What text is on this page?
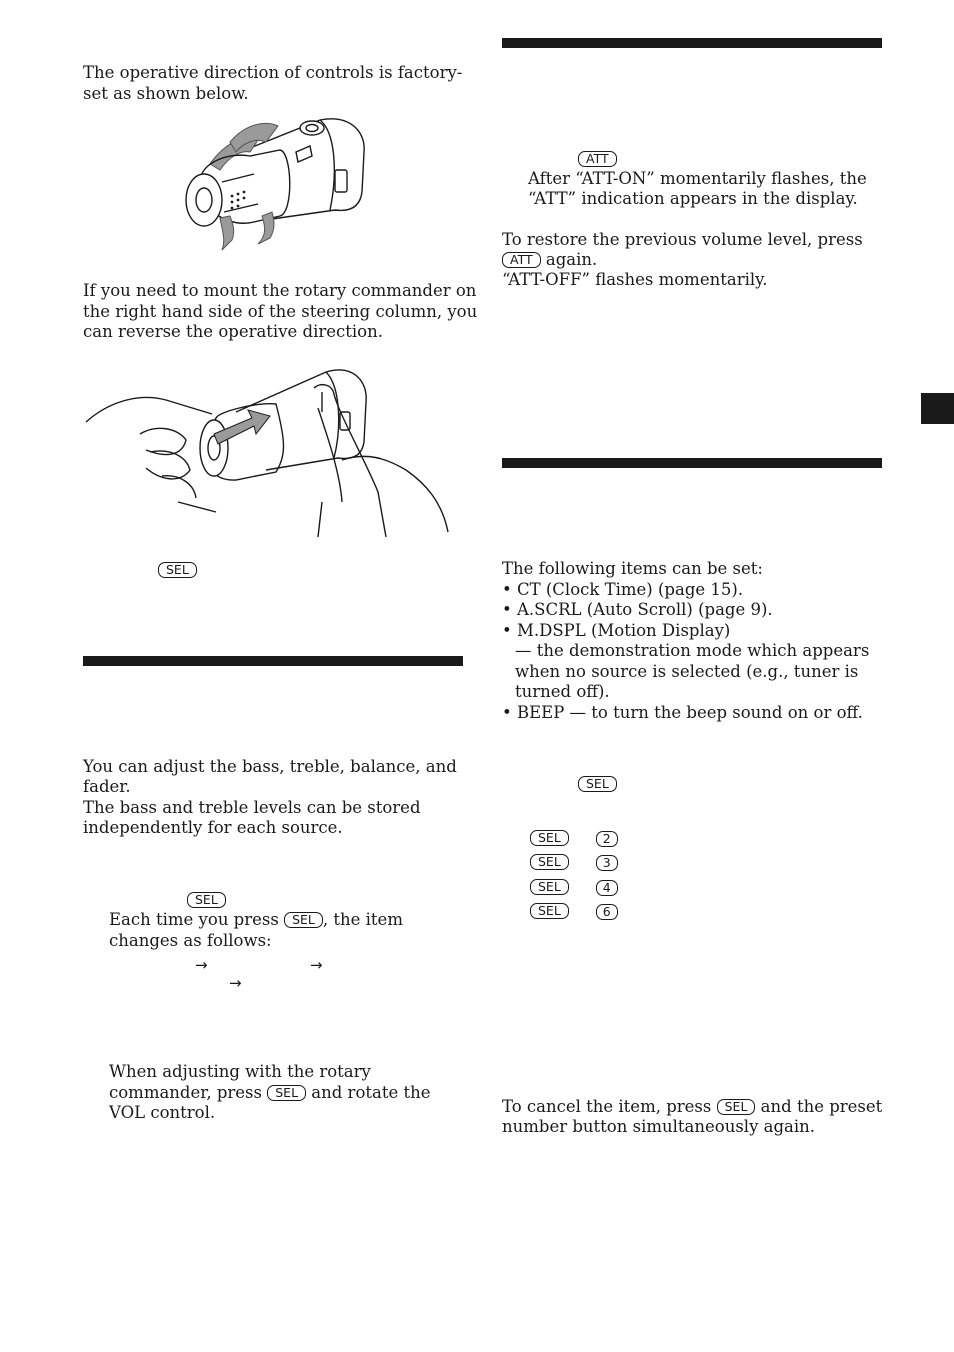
The operative direction of controls is factory-
set as shown below.
If you need to mount the rotary commander on
the right hand side of the steering column, you
can reverse the operative direction.
SEL
You can adjust the bass, treble, balance, and
fader.
The bass and treble levels can be stored
independently for each source.
SEL
Each time you press SEL , the item
changes as follows:
→	→
→
When adjusting with the rotary
commander, press SEL and rotate the
VOL control.
ATT
After “ATT-ON” momentarily flashes, the
“ATT” indication appears in the display.
To restore the previous volume level, press
ATT again.
“ATT-OFF” flashes momentarily.
The following items can be set:
• CT (Clock Time) (page 15).
• A.SCRL (Auto Scroll) (page 9).
• M.DSPL (Motion Display)
— the demonstration mode which appears
when no source is selected (e.g., tuner is
turned off).
• BEEP — to turn the beep sound on or off.
SEL
SEL	2
SEL	3
SEL	4
SEL	6
To cancel the item, press SEL and the preset
number button simultaneously again.
